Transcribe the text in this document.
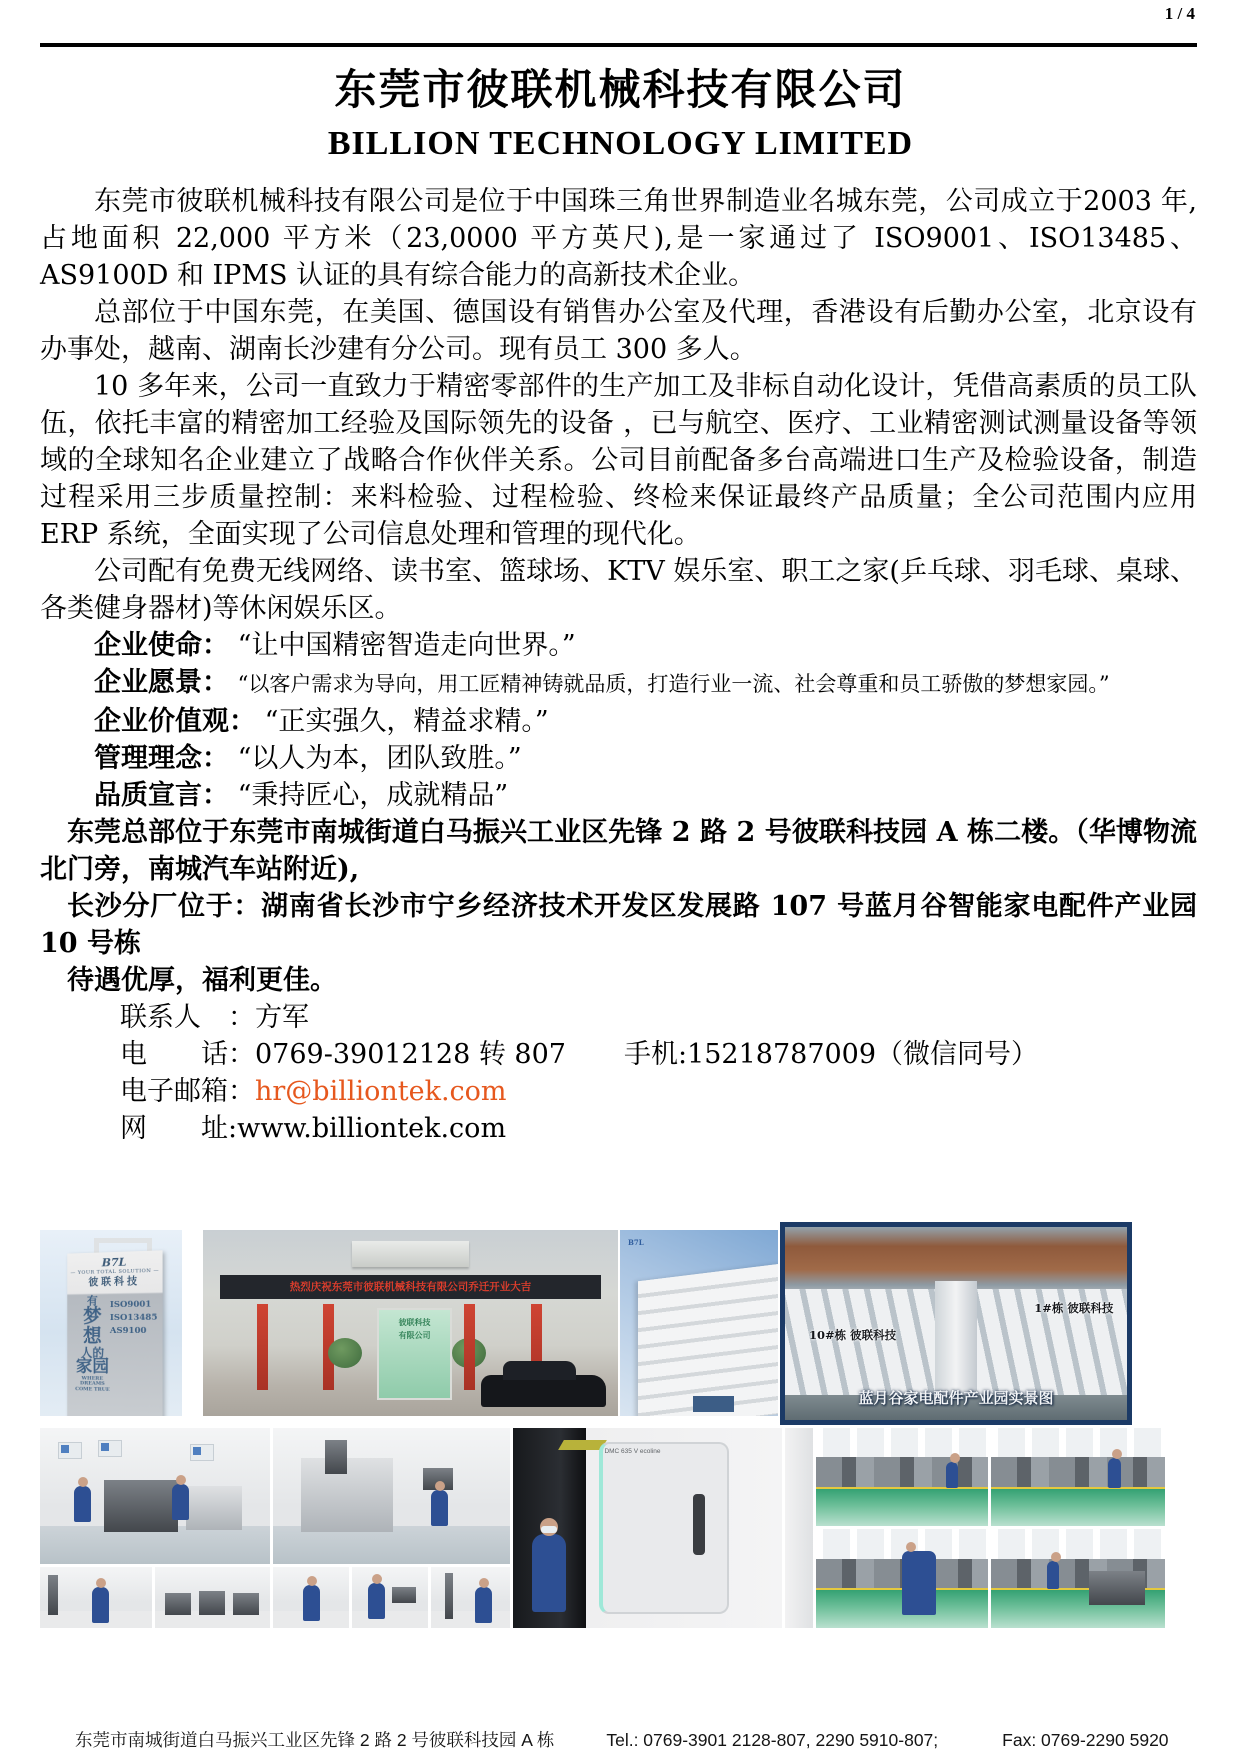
1 / 4
东莞市彼联机械科技有限公司
BILLION TECHNOLOGY LIMITED

东莞市彼联机械科技有限公司是位于中国珠三角世界制造业名城东莞，公司成立于2003 年,占地面积 22,000 平方米（23,0000 平方英尺),是一家通过了 ISO9001、ISO13485、AS9100D 和 IPMS 认证的具有综合能力的高新技术企业。

总部位于中国东莞，在美国、德国设有销售办公室及代理，香港设有后勤办公室，北京设有办事处，越南、湖南长沙建有分公司。现有员工 300 多人。

10 多年来，公司一直致力于精密零部件的生产加工及非标自动化设计，凭借高素质的员工队伍，依托丰富的精密加工经验及国际领先的设备 ，已与航空、医疗、工业精密测试测量设备等领域的全球知名企业建立了战略合作伙伴关系。公司目前配备多台高端进口生产及检验设备，制造过程采用三步质量控制：来料检验、过程检验、终检来保证最终产品质量；全公司范围内应用 ERP 系统，全面实现了公司信息处理和管理的现代化。

公司配有免费无线网络、读书室、篮球场、KTV 娱乐室、职工之家(乒乓球、羽毛球、桌球、各类健身器材)等休闲娱乐区。

企业使命： “让中国精密智造走向世界。”

企业愿景： “以客户需求为导向，用工匠精神铸就品质，打造行业一流、社会尊重和员工骄傲的梦想家园。”

企业价值观： “正实强久，精益求精。”

管理理念： “以人为本，团队致胜。”

品质宣言： “秉持匠心，成就精品”

东莞总部位于东莞市南城街道白马振兴工业区先锋 2 路 2 号彼联科技园 A 栋二楼。（华博物流北门旁，南城汽车站附近),

长沙分厂位于：湖南省长沙市宁乡经济技术开发区发展路 107 号蓝月谷智能家电配件产业园 10 号栋

待遇优厚，福利更佳。

联系人　：方军

电　　话：0769-39012128 转 807 手机:15218787009（微信同号）

电子邮箱：hr@billiontek.com

网　　址:www.billiontek.com

B7L
— YOUR TOTAL SOLUTION —
彼联科技
有
梦想
人的
家园
WHERE DREAMS COME TRUE
ISO9001
ISO13485
AS9100
热烈庆祝东莞市彼联机械科技有限公司乔迁开业大吉
彼联科技
有限公司
B7L
10#栋 彼联科技
1#栋 彼联科技
蓝月谷家电配件产业园实景图
DMC 635 V ecoline
东莞市南城街道白马振兴工业区先锋 2 路 2 号彼联科技园 A 栋	Tel.: 0769-3901 2128-807, 2290 5910-807;	Fax: 0769-2290 5920
